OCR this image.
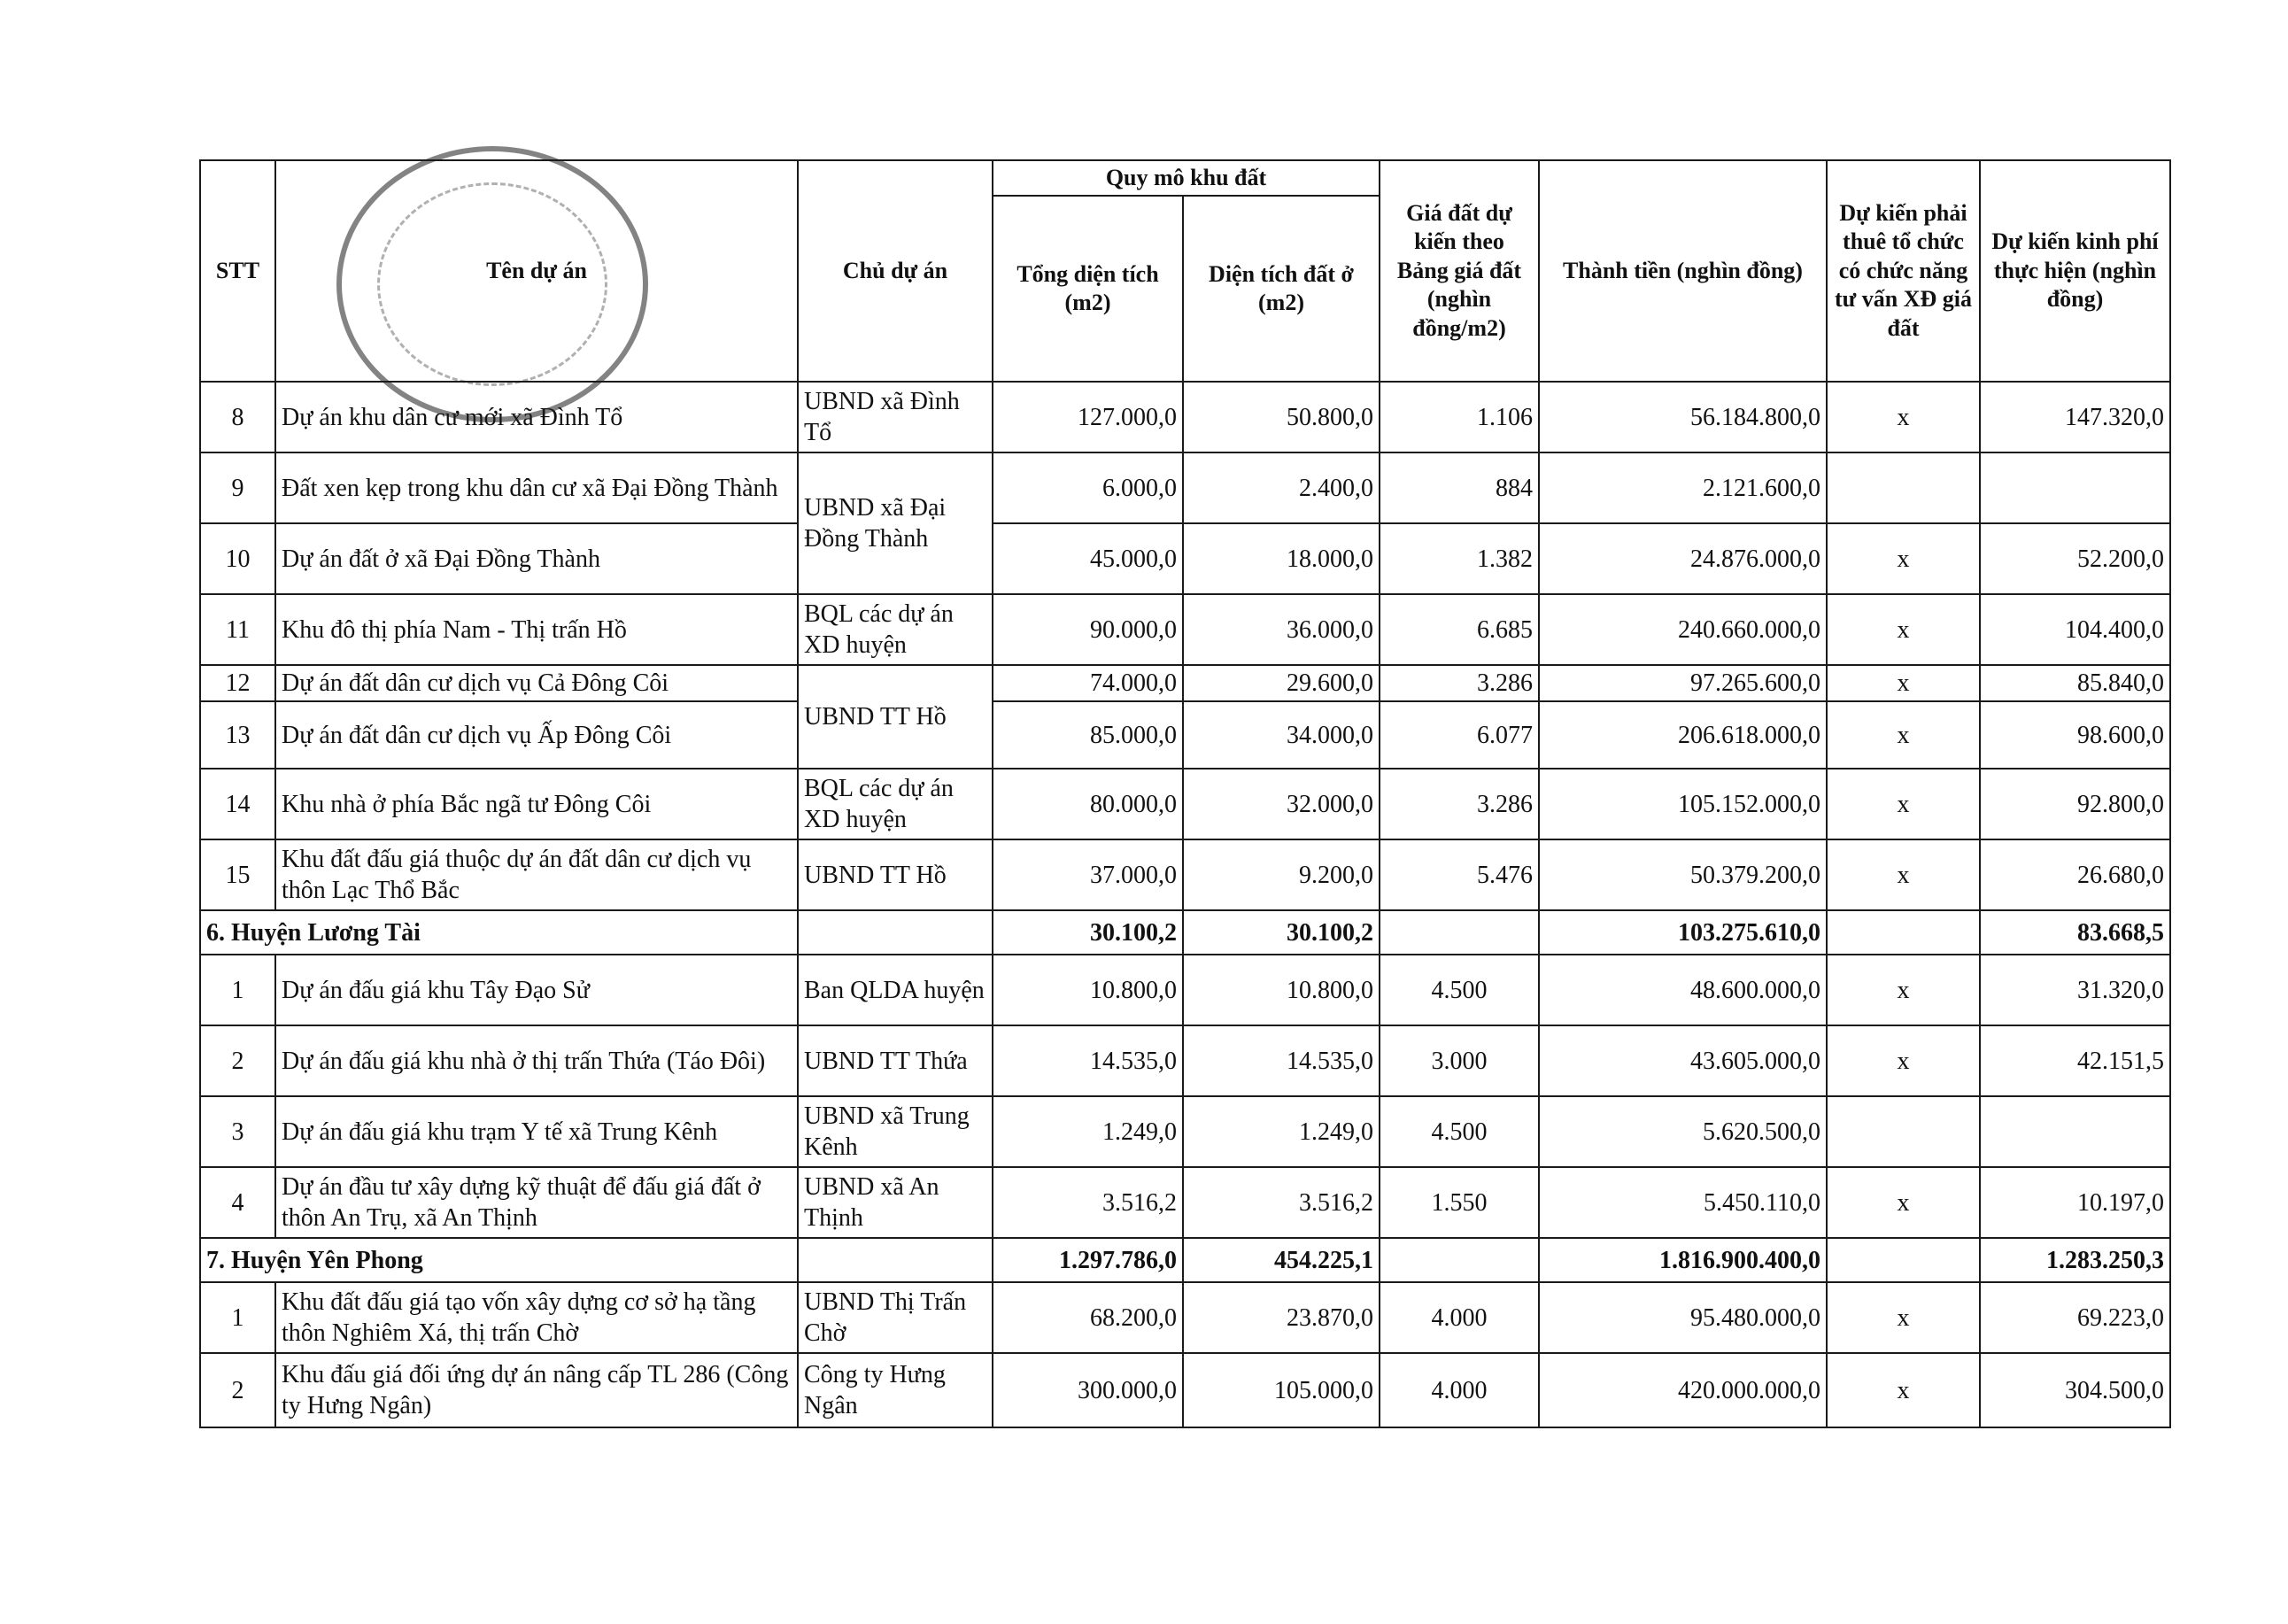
STT	Tên dự án	Chủ dự án	Quy mô khu đất		Giá đất dự kiến theo Bảng giá đất (nghìn đồng/m2)	Thành tiền (nghìn đồng)	Dự kiến phải thuê tổ chức có chức năng tư vấn XĐ giá đất	Dự kiến kinh phí thực hiện (nghìn đồng)
			Tổng diện tích (m2)	Diện tích đất ở (m2)				
8	Dự án khu dân cư mới xã Đình Tổ	UBND xã Đình Tổ	127.000,0	50.800,0	1.106	56.184.800,0	x	147.320,0
9	Đất xen kẹp trong khu dân cư xã Đại Đồng Thành	UBND xã Đại Đồng Thành	6.000,0	2.400,0	884	2.121.600,0		
10	Dự án đất ở xã Đại Đồng Thành		45.000,0	18.000,0	1.382	24.876.000,0	x	52.200,0
11	Khu đô thị phía Nam - Thị trấn Hồ	BQL các dự án XD huyện	90.000,0	36.000,0	6.685	240.660.000,0	x	104.400,0
12	Dự án đất dân cư dịch vụ Cả Đông Côi	UBND TT Hồ	74.000,0	29.600,0	3.286	97.265.600,0	x	85.840,0
13	Dự án đất dân cư dịch vụ Ấp Đông Côi		85.000,0	34.000,0	6.077	206.618.000,0	x	98.600,0
14	Khu nhà ở phía Bắc ngã tư Đông Côi	BQL các dự án XD huyện	80.000,0	32.000,0	3.286	105.152.000,0	x	92.800,0
15	Khu đất đấu giá thuộc dự án đất dân cư dịch vụ thôn Lạc Thổ Bắc	UBND TT Hồ	37.000,0	9.200,0	5.476	50.379.200,0	x	26.680,0
6. Huyện Lương Tài			30.100,2	30.100,2		103.275.610,0		83.668,5
1	Dự án đấu giá khu Tây Đạo Sử	Ban QLDA huyện	10.800,0	10.800,0	4.500	48.600.000,0	x	31.320,0
2	Dự án đấu giá khu nhà ở thị trấn Thứa (Táo Đôi)	UBND TT Thứa	14.535,0	14.535,0	3.000	43.605.000,0	x	42.151,5
3	Dự án đấu giá khu trạm Y tế xã Trung Kênh	UBND xã Trung Kênh	1.249,0	1.249,0	4.500	5.620.500,0		
4	Dự án đầu tư xây dựng kỹ thuật để đấu giá đất ở thôn An Trụ, xã An Thịnh	UBND xã An Thịnh	3.516,2	3.516,2	1.550	5.450.110,0	x	10.197,0
7. Huyện Yên Phong			1.297.786,0	454.225,1		1.816.900.400,0		1.283.250,3
1	Khu đất đấu giá tạo vốn xây dựng cơ sở hạ tầng thôn Nghiêm Xá, thị trấn Chờ	UBND Thị Trấn Chờ	68.200,0	23.870,0	4.000	95.480.000,0	x	69.223,0
2	Khu đấu giá đối ứng dự án nâng cấp TL 286 (Công ty Hưng Ngân)	Công ty Hưng Ngân	300.000,0	105.000,0	4.000	420.000.000,0	x	304.500,0
